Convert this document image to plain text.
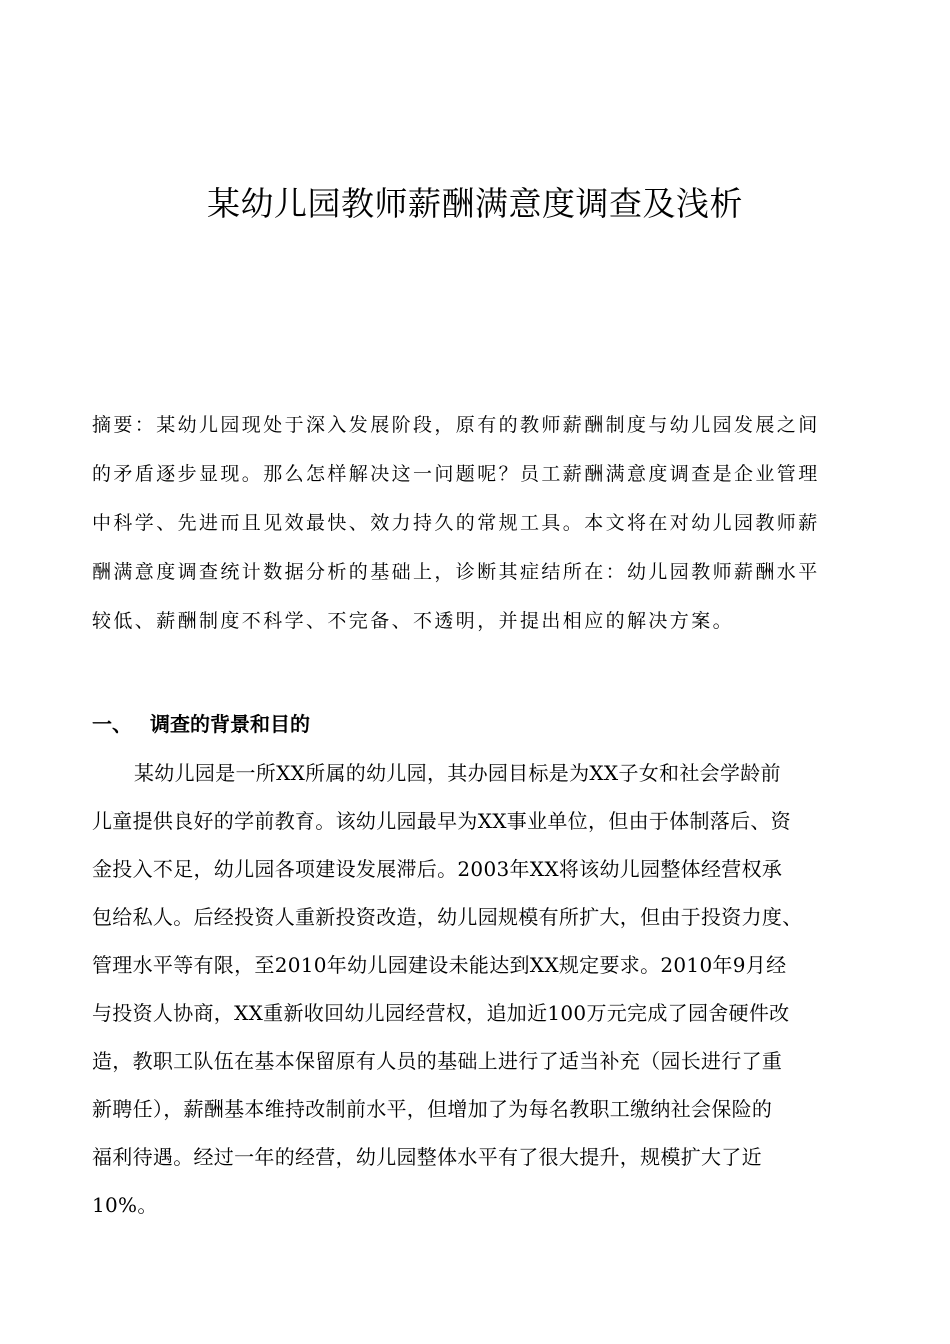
某幼儿园教师薪酬满意度调查及浅析
摘要：某幼儿园现处于深入发展阶段，原有的教师薪酬制度与幼儿园发展之间
的矛盾逐步显现。那么怎样解决这一问题呢？员工薪酬满意度调查是企业管理
中科学、先进而且见效最快、效力持久的常规工具。本文将在对幼儿园教师薪
酬满意度调查统计数据分析的基础上，诊断其症结所在：幼儿园教师薪酬水平
较低、薪酬制度不科学、不完备、不透明，并提出相应的解决方案。
一、 调查的背景和目的
某幼儿园是一所XX所属的幼儿园，其办园目标是为XX子女和社会学龄前
儿童提供良好的学前教育。该幼儿园最早为XX事业单位，但由于体制落后、资
金投入不足，幼儿园各项建设发展滞后。2003年XX将该幼儿园整体经营权承
包给私人。后经投资人重新投资改造，幼儿园规模有所扩大，但由于投资力度、
管理水平等有限，至2010年幼儿园建设未能达到XX规定要求。2010年9月经
与投资人协商，XX重新收回幼儿园经营权，追加近100万元完成了园舍硬件改
造，教职工队伍在基本保留原有人员的基础上进行了适当补充（园长进行了重
新聘任），薪酬基本维持改制前水平，但增加了为每名教职工缴纳社会保险的
福利待遇。经过一年的经营，幼儿园整体水平有了很大提升，规模扩大了近
10%。
